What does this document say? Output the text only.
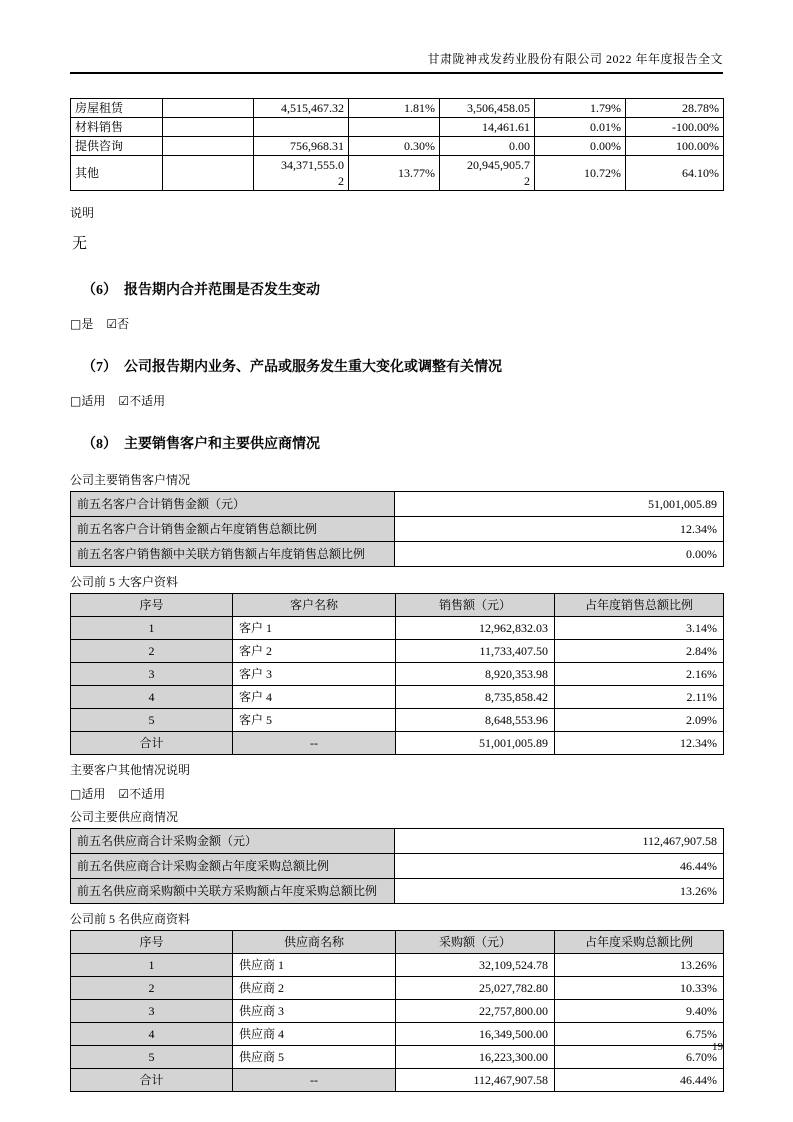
甘肃陇神戎发药业股份有限公司 2022 年年度报告全文
房屋租赁		4,515,467.32	1.81%	3,506,458.05	1.79%	28.78%
材料销售				14,461.61	0.01%	-100.00%
提供咨询		756,968.31	0.30%	0.00	0.00%	100.00%
其他		34,371,555.02	13.77%	20,945,905.72	10.72%	64.10%

说明

无

（6） 报告期内合并范围是否发生变动

□是 ☑否

（7） 公司报告期内业务、产品或服务发生重大变化或调整有关情况

□适用 ☑不适用

（8） 主要销售客户和主要供应商情况

公司主要销售客户情况

前五名客户合计销售金额（元）	51,001,005.89
前五名客户合计销售金额占年度销售总额比例	12.34%
前五名客户销售额中关联方销售额占年度销售总额比例	0.00%

公司前 5 大客户资料

序号	客户名称	销售额（元）	占年度销售总额比例
1	客户 1	12,962,832.03	3.14%
2	客户 2	11,733,407.50	2.84%
3	客户 3	8,920,353.98	2.16%
4	客户 4	8,735,858.42	2.11%
5	客户 5	8,648,553.96	2.09%
合计	--	51,001,005.89	12.34%

主要客户其他情况说明

□适用 ☑不适用

公司主要供应商情况

前五名供应商合计采购金额（元）	112,467,907.58
前五名供应商合计采购金额占年度采购总额比例	46.44%
前五名供应商采购额中关联方采购额占年度采购总额比例	13.26%

公司前 5 名供应商资料

序号	供应商名称	采购额（元）	占年度采购总额比例
1	供应商 1	32,109,524.78	13.26%
2	供应商 2	25,027,782.80	10.33%
3	供应商 3	22,757,800.00	9.40%
4	供应商 4	16,349,500.00	6.75%
5	供应商 5	16,223,300.00	6.70%
合计	--	112,467,907.58	46.44%
19
